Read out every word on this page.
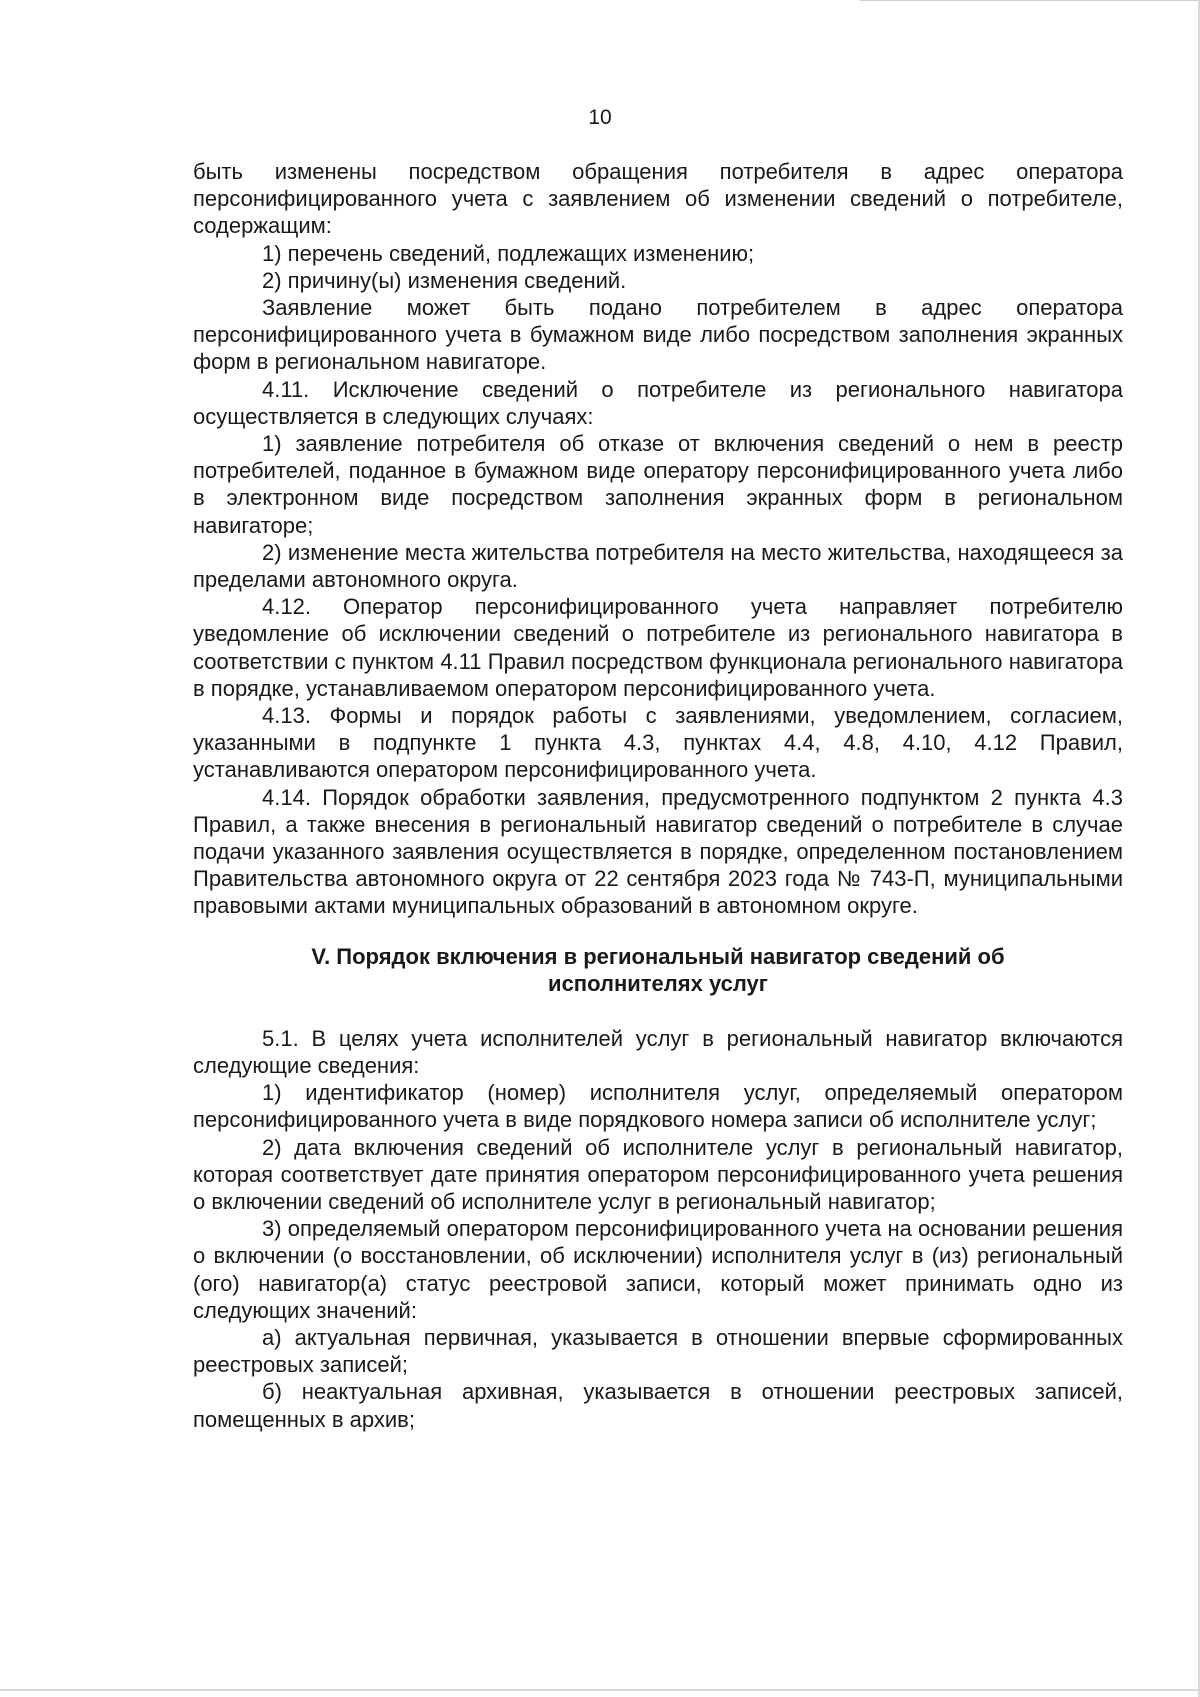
10

быть изменены посредством обращения потребителя в адрес оператора персонифицированного учета с заявлением об изменении сведений о потребителе, содержащим:

1) перечень сведений, подлежащих изменению;

2) причину(ы) изменения сведений.

Заявление может быть подано потребителем в адрес оператора персонифицированного учета в бумажном виде либо посредством заполнения экранных форм в региональном навигаторе.

4.11. Исключение сведений о потребителе из регионального навигатора осуществляется в следующих случаях:

1) заявление потребителя об отказе от включения сведений о нем в реестр потребителей, поданное в бумажном виде оператору персонифицированного учета либо в электронном виде посредством заполнения экранных форм в региональном навигаторе;

2) изменение места жительства потребителя на место жительства, находящееся за пределами автономного округа.

4.12. Оператор персонифицированного учета направляет потребителю уведомление об исключении сведений о потребителе из регионального навигатора в соответствии с пунктом 4.11 Правил посредством функционала регионального навигатора в порядке, устанавливаемом оператором персонифицированного учета.

4.13. Формы и порядок работы с заявлениями, уведомлением, согласием, указанными в подпункте 1 пункта 4.3, пунктах 4.4, 4.8, 4.10, 4.12 Правил, устанавливаются оператором персонифицированного учета.

4.14. Порядок обработки заявления, предусмотренного подпунктом 2 пункта 4.3 Правил, а также внесения в региональный навигатор сведений о потребителе в случае подачи указанного заявления осуществляется в порядке, определенном постановлением Правительства автономного округа от 22 сентября 2023 года № 743-П, муниципальными правовыми актами муниципальных образований в автономном округе.

V. Порядок включения в региональный навигатор сведений об исполнителях услуг

5.1. В целях учета исполнителей услуг в региональный навигатор включаются следующие сведения:

1) идентификатор (номер) исполнителя услуг, определяемый оператором персонифицированного учета в виде порядкового номера записи об исполнителе услуг;

2) дата включения сведений об исполнителе услуг в региональный навигатор, которая соответствует дате принятия оператором персонифицированного учета решения о включении сведений об исполнителе услуг в региональный навигатор;

3) определяемый оператором персонифицированного учета на основании решения о включении (о восстановлении, об исключении) исполнителя услуг в (из) региональный (ого) навигатор(а) статус реестровой записи, который может принимать одно из следующих значений:

а) актуальная первичная, указывается в отношении впервые сформированных реестровых записей;

б) неактуальная архивная, указывается в отношении реестровых записей, помещенных в архив;
